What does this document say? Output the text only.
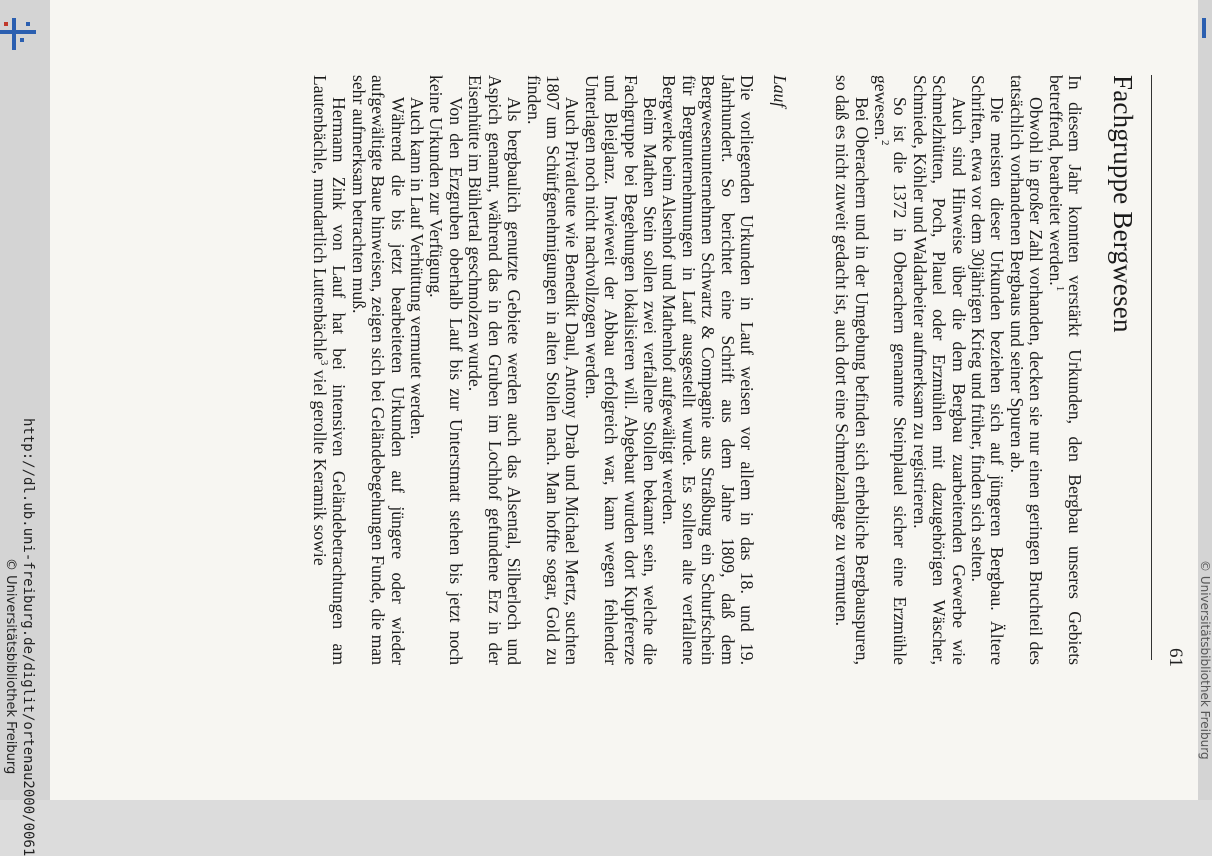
http://dl.ub.uni-freiburg.de/diglit/ortenau2000/0061
© Universitätsbibliothek Freiburg	61
Fachgruppe Bergwesen

In diesem Jahr konnten verstärkt Urkunden, den Bergbau unseres Gebiets betreffend, bearbeitet werden.$^1$

Obwohl in großer Zahl vorhanden, decken sie nur einen geringen Bruchteil des tatsächlich vorhandenen Bergbaus und seiner Spuren ab.

Die meisten dieser Urkunden beziehen sich auf jüngeren Bergbau. Ältere Schriften, etwa vor dem 30jährigen Krieg und früher, finden sich selten.

Auch sind Hinweise über die dem Bergbau zuarbeitenden Gewerbe wie Schmelzhütten, Poch, Plauel oder Erzmühlen mit dazugehörigen Wäscher, Schmiede, Köhler und Waldarbeiter aufmerksam zu registrieren.

So ist die 1372 in Oberachern genannte Steinplauel sicher eine Erzmühle gewesen.$^2$

Bei Oberachern und in der Umgebung befinden sich erhebliche Bergbauspuren, so daß es nicht zuweit gedacht ist, auch dort eine Schmelzanlage zu vermuten.

Lauf

Die vorliegenden Urkunden in Lauf weisen vor allem in das 18. und 19. Jahrhundert. So berichtet eine Schrift aus dem Jahre 1809, daß dem Bergwesenunternehmen Schwartz & Compagnie aus Straßburg ein Schurfschein für Bergunternehmungen in Lauf ausgestellt wurde. Es sollten alte verfallene Bergwerke beim Alsenhof und Mathenhof aufgewältigt werden.

Beim Mathen Stein sollen zwei verfallene Stollen bekannt sein, welche die Fachgruppe bei Begehungen lokalisieren will. Abgebaut wurden dort Kupfererze und Bleiglanz. Inwieweit der Abbau erfolgreich war, kann wegen fehlender Unterlagen noch nicht nachvollzogen werden.

Auch Privatleute wie Benedikt Daul, Antony Drab und Michael Mertz, suchten 1807 um Schürfgenehmigungen in alten Stollen nach. Man hoffte sogar, Gold zu finden.

Als bergbaulich genutzte Gebiete werden auch das Alsental, Silberloch und Aspich genannt, während das in den Gruben im Lochhof gefundene Erz in der Eisenhütte im Bühlertal geschmolzen wurde.

Von den Erzgruben oberhalb Lauf bis zur Unterstmatt stehen bis jetzt noch keine Urkunden zur Verfügung.

Auch kann in Lauf Verhüttung vermutet werden.

Während die bis jetzt bearbeiteten Urkunden auf jüngere oder wieder aufgewältigte Baue hinweisen, zeigen sich bei Geländebegehungen Funde, die man sehr aufmerksam betrachten muß.

Hermann Zink von Lauf hat bei intensiven Geländebetrachtungen am Lautenbächle, mundartlich Luttenbächle$^3$ viel gerollte Keramik sowie

© Universitätsbibliothek Freiburg
